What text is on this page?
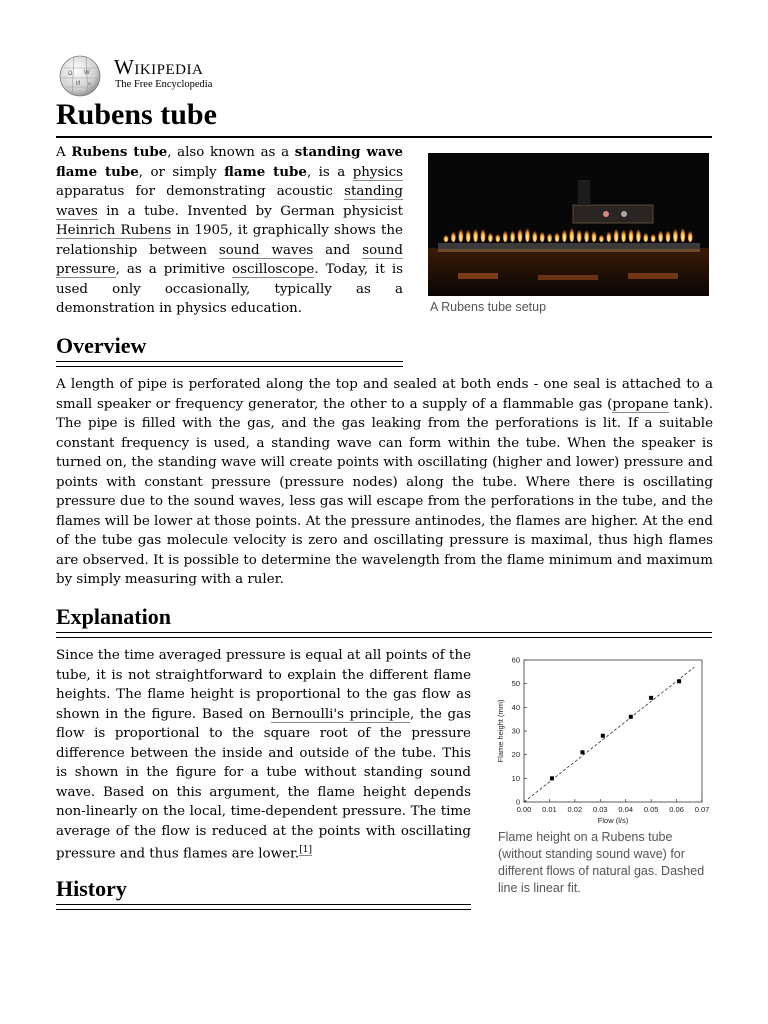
Ω W
И ע
Wikipedia
The Free Encyclopedia
Rubens tube

A Rubens tube, also known as a standing wave flame tube, or simply flame tube, is a physics apparatus for demonstrating acoustic standing waves in a tube. Invented by German physicist Heinrich Rubens in 1905, it graphically shows the relationship between sound waves and sound pressure, as a primitive oscilloscope. Today, it is used only occasionally, typically as a demonstration in physics education.	A Rubens tube setup
Overview

A length of pipe is perforated along the top and sealed at both ends - one seal is attached to a small speaker or frequency generator, the other to a supply of a flammable gas (propane tank). The pipe is filled with the gas, and the gas leaking from the perforations is lit. If a suitable constant frequency is used, a standing wave can form within the tube. When the speaker is turned on, the standing wave will create points with oscillating (higher and lower) pressure and points with constant pressure (pressure nodes) along the tube. Where there is oscillating pressure due to the sound waves, less gas will escape from the perforations in the tube, and the flames will be lower at those points. At the pressure antinodes, the flames are higher. At the end of the tube gas molecule velocity is zero and oscillating pressure is maximal, thus high flames are observed. It is possible to determine the wavelength from the flame minimum and maximum by simply measuring with a ruler.

Explanation

Since the time averaged pressure is equal at all points of the tube, it is not straightforward to explain the different flame heights. The flame height is proportional to the gas flow as shown in the figure. Based on Bernoulli's principle, the gas flow is proportional to the square root of the pressure difference between the inside and outside of the tube. This is shown in the figure for a tube without standing sound wave. Based on this argument, the flame height depends non-linearly on the local, time-dependent pressure. The time average of the flow is reduced at the points with oscillating pressure and thus flames are lower.[1]

0.00 0.01 0.02 0.03 0.04 0.05 0.06 0.07
0
10
20
30
40
50
60
Flow (l/s)
Flame height (mm)
Flame height on a Rubens tube (without standing sound wave) for different flows of natural gas. Dashed line is linear fit.
History
